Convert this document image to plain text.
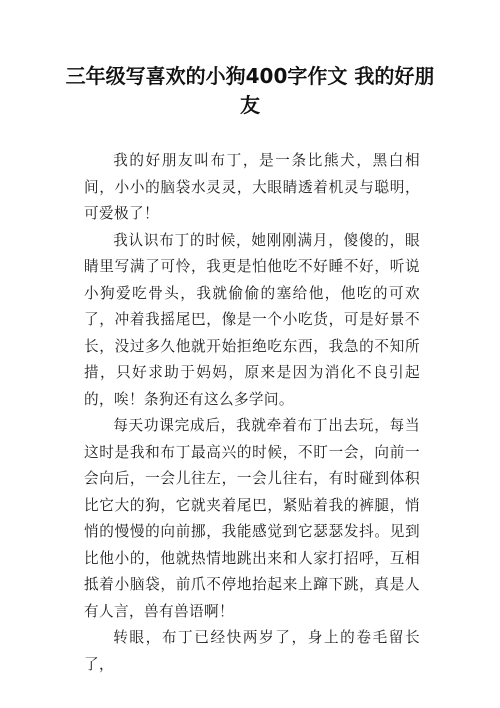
三年级写喜欢的小狗400字作文 我的好朋友

我的好朋友叫布丁，是一条比熊犬，黑白相间，小小的脑袋水灵灵，大眼睛透着机灵与聪明，可爱极了！

我认识布丁的时候，她刚刚满月，傻傻的，眼睛里写满了可怜，我更是怕他吃不好睡不好，听说小狗爱吃骨头，我就偷偷的塞给他，他吃的可欢了，冲着我摇尾巴，像是一个小吃货，可是好景不长，没过多久他就开始拒绝吃东西，我急的不知所措，只好求助于妈妈，原来是因为消化不良引起的，唉！条狗还有这么多学问。

每天功课完成后，我就牵着布丁出去玩，每当这时是我和布丁最高兴的时候，不盯一会，向前一会向后，一会儿往左，一会儿往右，有时碰到体积比它大的狗，它就夹着尾巴，紧贴着我的裤腿，悄悄的慢慢的向前挪，我能感觉到它瑟瑟发抖。见到比他小的，他就热情地跳出来和人家打招呼，互相抵着小脑袋，前爪不停地抬起来上蹿下跳，真是人有人言，兽有兽语啊！

转眼，布丁已经快两岁了，身上的卷毛留长了，
